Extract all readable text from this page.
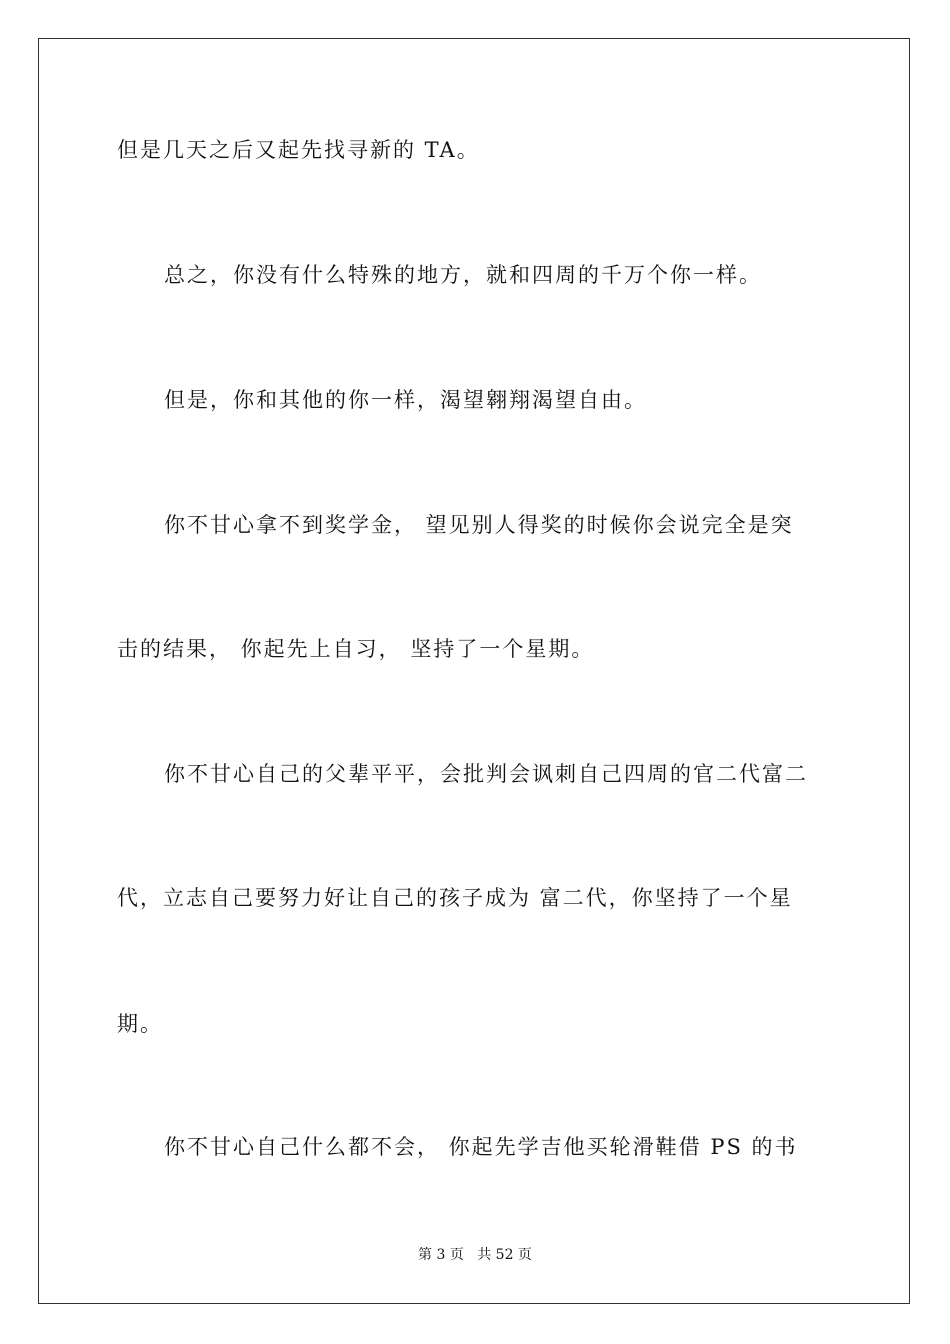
但是几天之后又起先找寻新的 TA。
总之，你没有什么特殊的地方，就和四周的千万个你一样。
但是，你和其他的你一样，渴望翱翔渴望自由。
你不甘心拿不到奖学金， 望见别人得奖的时候你会说完全是突
击的结果， 你起先上自习， 坚持了一个星期。
你不甘心自己的父辈平平，会批判会讽刺自己四周的官二代富二
代，立志自己要努力好让自己的孩子成为 富二代，你坚持了一个星
期。
你不甘心自己什么都不会， 你起先学吉他买轮滑鞋借 PS 的书
第 3 页 共 52 页
